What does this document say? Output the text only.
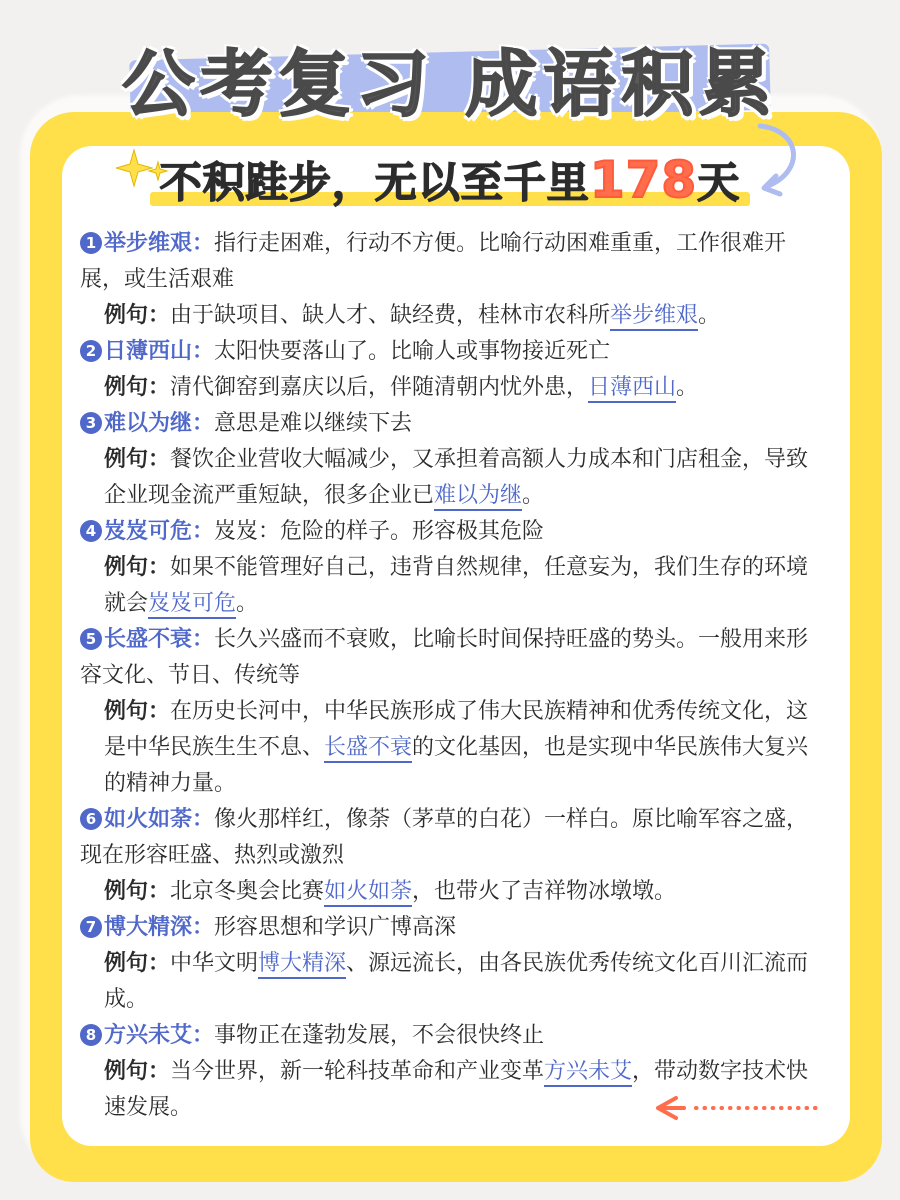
公考复习 成语积累
不积跬步，无以至千里178天

1 举步维艰：指行走困难，行动不方便。比喻行动困难重重，工作很难开展，或生活艰难

例句：由于缺项目、缺人才、缺经费，桂林市农科所举步维艰。

2 日薄西山：太阳快要落山了。比喻人或事物接近死亡

例句：清代御窑到嘉庆以后，伴随清朝内忧外患，日薄西山。

3 难以为继：意思是难以继续下去

例句：餐饮企业营收大幅减少，又承担着高额人力成本和门店租金，导致企业现金流严重短缺，很多企业已难以为继。

4 岌岌可危：岌岌：危险的样子。形容极其危险

例句：如果不能管理好自己，违背自然规律，任意妄为，我们生存的环境就会岌岌可危。

5 长盛不衰：长久兴盛而不衰败，比喻长时间保持旺盛的势头。一般用来形容文化、节日、传统等

例句：在历史长河中，中华民族形成了伟大民族精神和优秀传统文化，这是中华民族生生不息、长盛不衰的文化基因，也是实现中华民族伟大复兴的精神力量。

6 如火如荼：像火那样红，像荼（茅草的白花）一样白。原比喻军容之盛，现在形容旺盛、热烈或激烈

例句：北京冬奥会比赛如火如荼，也带火了吉祥物冰墩墩。

7 博大精深：形容思想和学识广博高深

例句：中华文明博大精深、源远流长，由各民族优秀传统文化百川汇流而成。

8 方兴未艾：事物正在蓬勃发展，不会很快终止

例句：当今世界，新一轮科技革命和产业变革方兴未艾，带动数字技术快速发展。
